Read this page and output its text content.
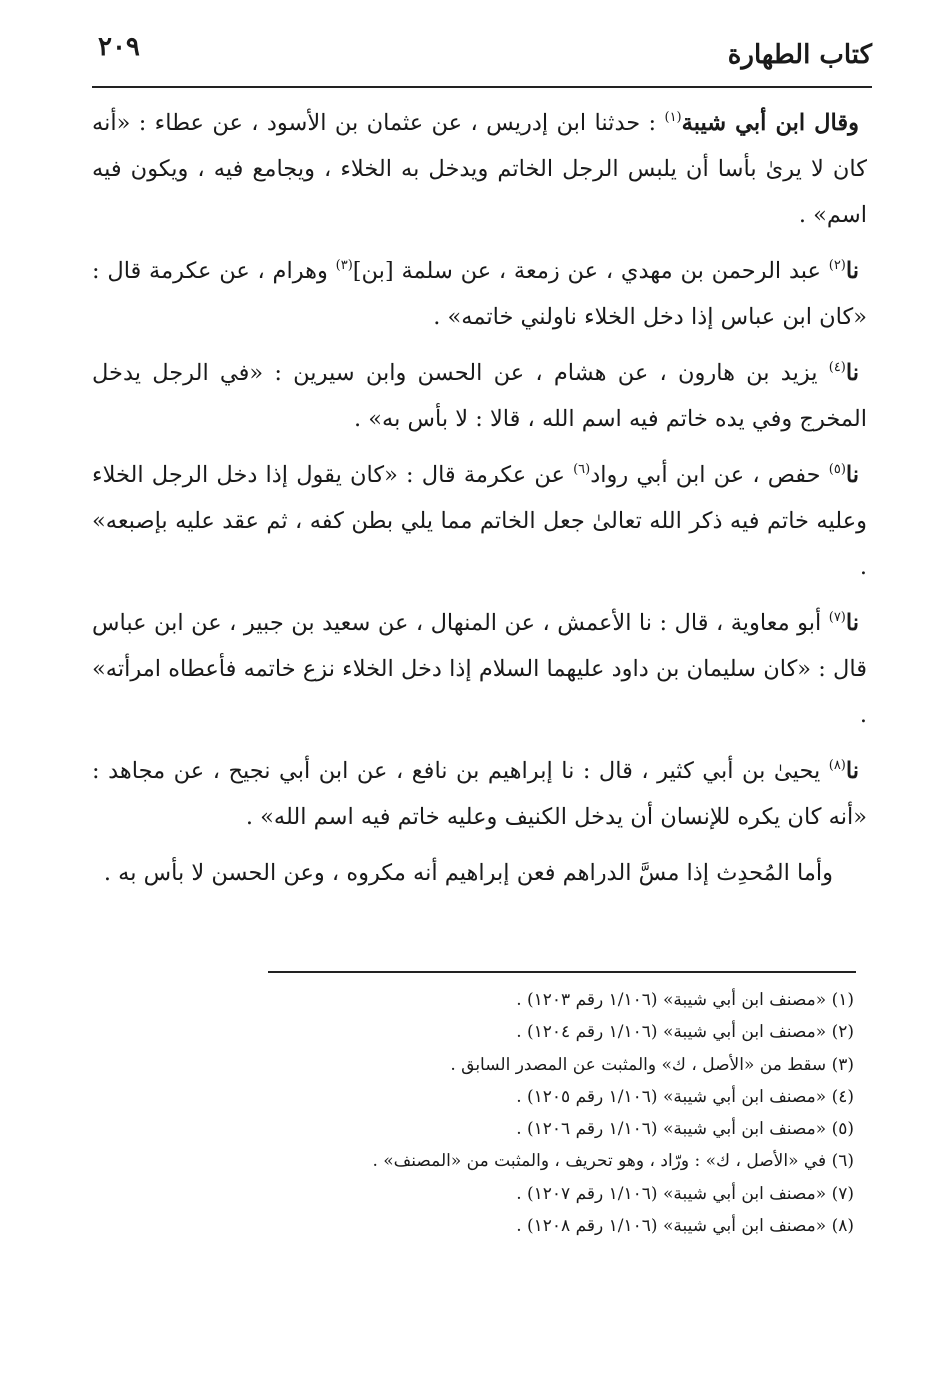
كتاب الطهارة
٢٠٩

وقال ابن أبي شيبة$^{(١)}$ : حدثنا ابن إدريس ، عن عثمان بن الأسود ، عن عطاء : «أنه كان لا يرىٰ بأسا أن يلبس الرجل الخاتم ويدخل به الخلاء ، ويجامع فيه ، ويكون فيه اسم» .

نا$^{(٢)}$ عبد الرحمن بن مهدي ، عن زمعة ، عن سلمة [بن]$^{(٣)}$ وهرام ، عن عكرمة قال : «كان ابن عباس إذا دخل الخلاء ناولني خاتمه» .

نا$^{(٤)}$ يزيد بن هارون ، عن هشام ، عن الحسن وابن سيرين : «في الرجل يدخل المخرج وفي يده خاتم فيه اسم الله ، قالا : لا بأس به» .

نا$^{(٥)}$ حفص ، عن ابن أبي رواد$^{(٦)}$ عن عكرمة قال : «كان يقول إذا دخل الرجل الخلاء وعليه خاتم فيه ذكر الله تعالىٰ جعل الخاتم مما يلي بطن كفه ، ثم عقد عليه بإصبعه» .

نا$^{(٧)}$ أبو معاوية ، قال : نا الأعمش ، عن المنهال ، عن سعيد بن جبير ، عن ابن عباس قال : «كان سليمان بن داود عليهما السلام إذا دخل الخلاء نزع خاتمه فأعطاه امرأته» .

نا$^{(٨)}$ يحيىٰ بن أبي كثير ، قال : نا إبراهيم بن نافع ، عن ابن أبي نجيح ، عن مجاهد : «أنه كان يكره للإنسان أن يدخل الكنيف وعليه خاتم فيه اسم الله» .

وأما المُحدِث إذا مسَّ الدراهم فعن إبراهيم أنه مكروه ، وعن الحسن لا بأس به .

(١) «مصنف ابن أبي شيبة» (١/١٠٦ رقم ١٢٠٣) .
(٢) «مصنف ابن أبي شيبة» (١/١٠٦ رقم ١٢٠٤) .
(٣) سقط من «الأصل ، ك» والمثبت عن المصدر السابق .
(٤) «مصنف ابن أبي شيبة» (١/١٠٦ رقم ١٢٠٥) .
(٥) «مصنف ابن أبي شيبة» (١/١٠٦ رقم ١٢٠٦) .
(٦) في «الأصل ، ك» : ورّاد ، وهو تحريف ، والمثبت من «المصنف» .
(٧) «مصنف ابن أبي شيبة» (١/١٠٦ رقم ١٢٠٧) .
(٨) «مصنف ابن أبي شيبة» (١/١٠٦ رقم ١٢٠٨) .
